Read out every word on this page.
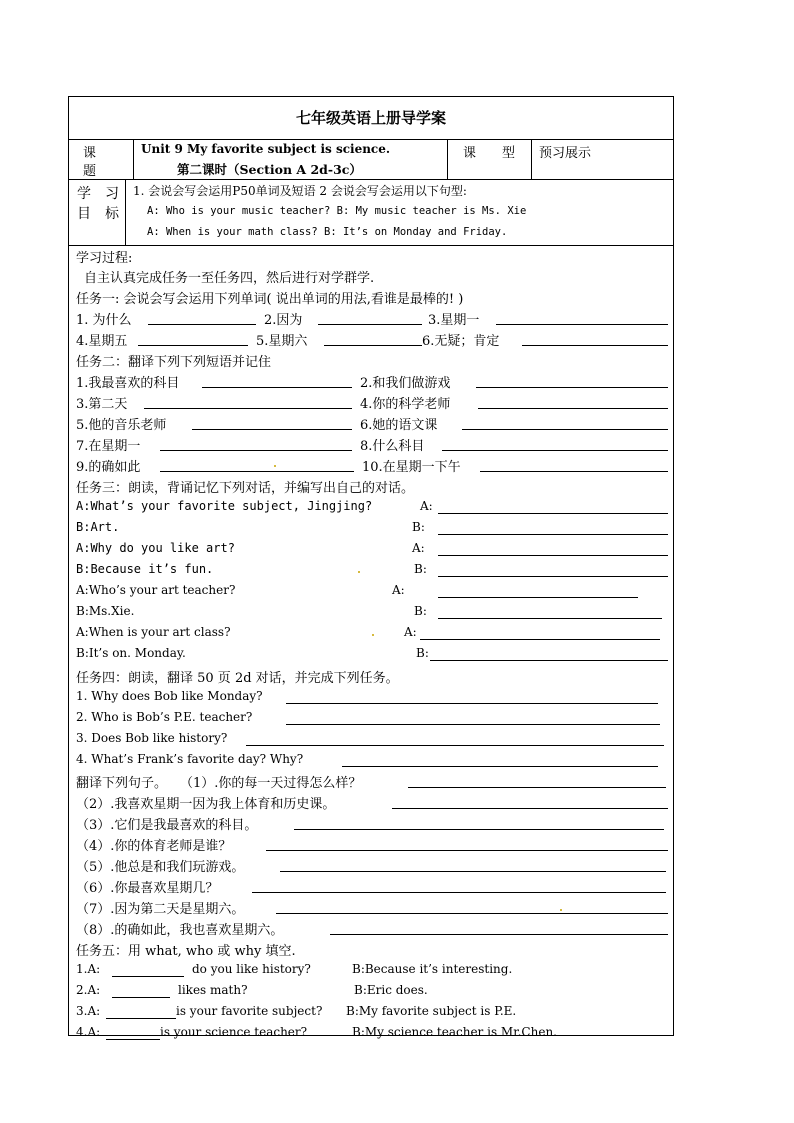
七年级英语上册导学案
课
题
Unit 9 My favorite subject is science.
第二课时（Section A 2d-3c）
课　　型 预习展示
学　习
目　标
1. 会说会写会运用P50单词及短语 2 会说会写会运用以下句型:
A: Who is your music teacher? B: My music teacher is Ms. Xie
A: When is your math class? B: It’s on Monday and Friday.
学习过程:
自主认真完成任务一至任务四，然后进行对学群学.
任务一: 会说会写会运用下列单词( 说出单词的用法,看谁是最棒的! )
1. 为什么	2.因为	3.星期一
4.星期五	5.星期六	6.无疑；肯定
任务二：翻译下列下列短语并记住
1.我最喜欢的科目	2.和我们做游戏
3.第二天	4.你的科学老师
5.他的音乐老师	6.她的语文课
7.在星期一	8.什么科目
9.的确如此	10.在星期一下午
任务三：朗读，背诵记忆下列对话，并编写出自己的对话。
A:What’s your favorite subject, Jingjing?	A:
B:Art.	B:
A:Why do you like art?	A:
B:Because it’s fun.	B:
A:Who’s your art teacher?	A:
B:Ms.Xie.	B:
A:When is your art class?	A:
B:It’s on. Monday.	B:
任务四：朗读，翻译 50 页 2d 对话，并完成下列任务。
1. Why does Bob like Monday?
2. Who is Bob’s P.E. teacher?
3. Does Bob like history?
4. What’s Frank’s favorite day? Why?
翻译下列句子。 （1）.你的每一天过得怎么样？
（2）.我喜欢星期一因为我上体育和历史课。
（3）.它们是我最喜欢的科目。
（4）.你的体育老师是谁？
（5）.他总是和我们玩游戏。
（6）.你最喜欢星期几？
（7）.因为第二天是星期六。
（8）.的确如此，我也喜欢星期六。
任务五：用 what, who 或 why 填空.
1.A:	do you like history?	B:Because it’s interesting.
2.A:	likes math?	B:Eric does.
3.A:	is your favorite subject? B:My favorite subject is P.E.
4.A:	is your science teacher?	B:My science teacher is Mr.Chen.
